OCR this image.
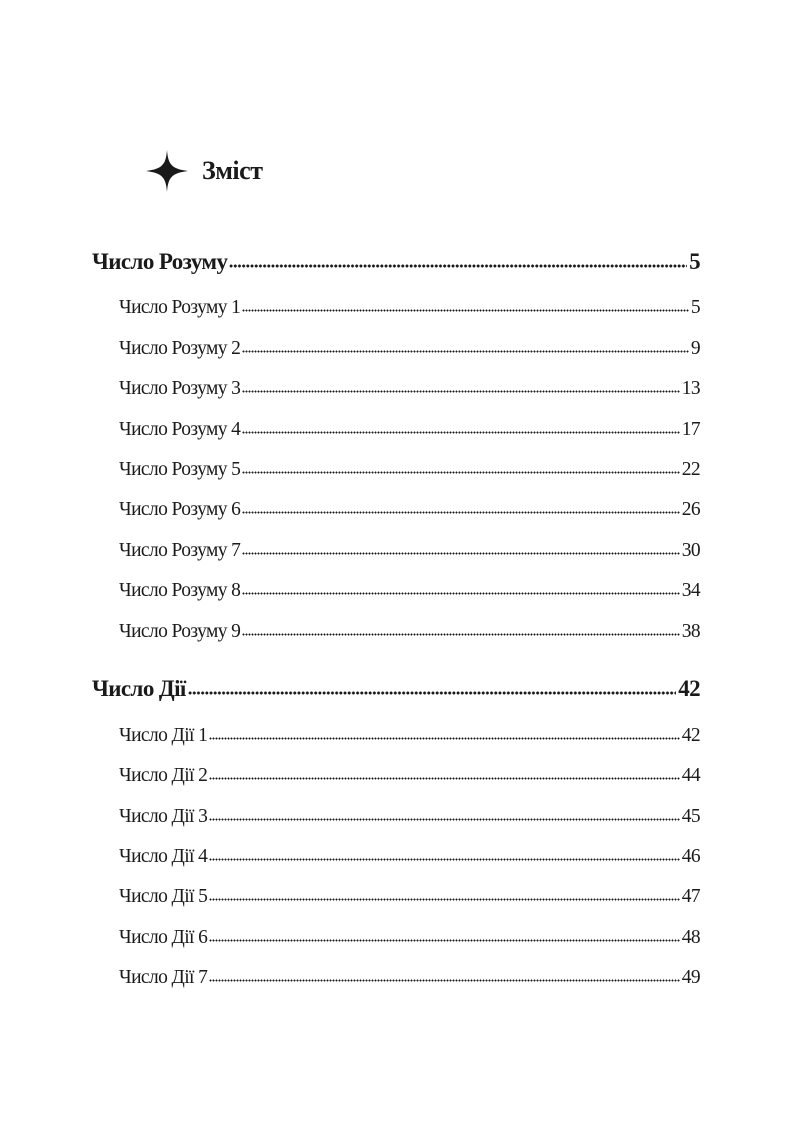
Зміст
Число Розуму	5
Число Розуму 1	5
Число Розуму 2	9
Число Розуму 3	13
Число Розуму 4	17
Число Розуму 5	22
Число Розуму 6	26
Число Розуму 7	30
Число Розуму 8	34
Число Розуму 9	38
Число Дії	42
Число Дії 1	42
Число Дії 2	44
Число Дії 3	45
Число Дії 4	46
Число Дії 5	47
Число Дії 6	48
Число Дії 7	49
